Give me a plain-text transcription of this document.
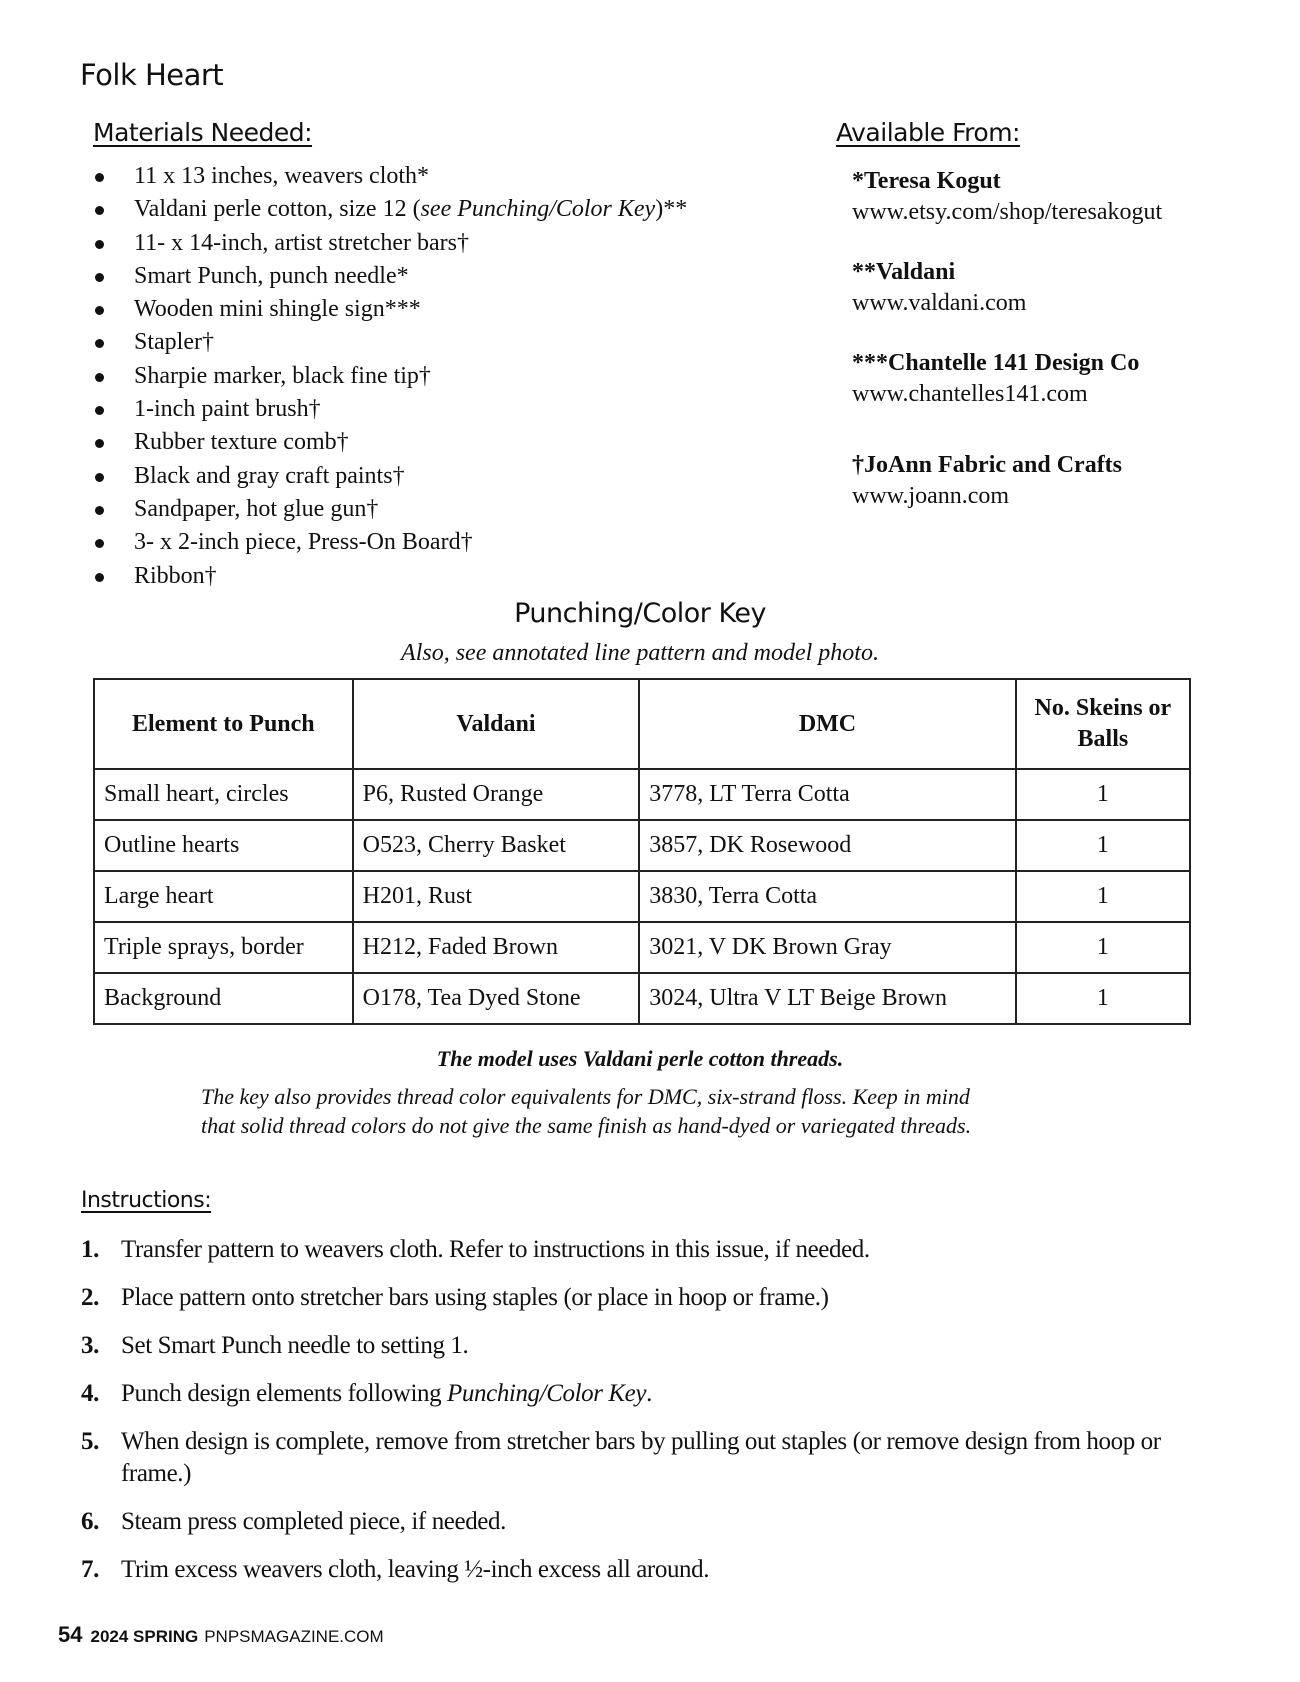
Folk Heart
Materials Needed:
11 x 13 inches, weavers cloth*
Valdani perle cotton, size 12 (see Punching/Color Key)**
11- x 14-inch, artist stretcher bars†
Smart Punch, punch needle*
Wooden mini shingle sign***
Stapler†
Sharpie marker, black fine tip†
1-inch paint brush†
Rubber texture comb†
Black and gray craft paints†
Sandpaper, hot glue gun†
3- x 2-inch piece, Press-On Board†
Ribbon†
Available From:
*Teresa Kogut
www.etsy.com/shop/teresakogut
**Valdani
www.valdani.com
***Chantelle 141 Design Co
www.chantelles141.com
†JoAnn Fabric and Crafts
www.joann.com
Punching/Color Key

Also, see annotated line pattern and model photo.

Element to Punch	Valdani	DMC	No. Skeins or Balls
Small heart, circles	P6, Rusted Orange	3778, LT Terra Cotta	1
Outline hearts	O523, Cherry Basket	3857, DK Rosewood	1
Large heart	H201, Rust	3830, Terra Cotta	1
Triple sprays, border	H212, Faded Brown	3021, V DK Brown Gray	1
Background	O178, Tea Dyed Stone	3024, Ultra V LT Beige Brown	1

The model uses Valdani perle cotton threads.

The key also provides thread color equivalents for DMC, six-strand floss. Keep in mind
that solid thread colors do not give the same finish as hand-dyed or variegated threads.

Instructions:
1. Transfer pattern to weavers cloth. Refer to instructions in this issue, if needed.
2. Place pattern onto stretcher bars using staples (or place in hoop or frame.)
3. Set Smart Punch needle to setting 1.
4. Punch design elements following Punching/Color Key.
5. When design is complete, remove from stretcher bars by pulling out staples (or remove design from hoop or frame.)
6. Steam press completed piece, if needed.
7. Trim excess weavers cloth, leaving ½-inch excess all around.
54 2024 SPRING PNPSMAGAZINE.COM
